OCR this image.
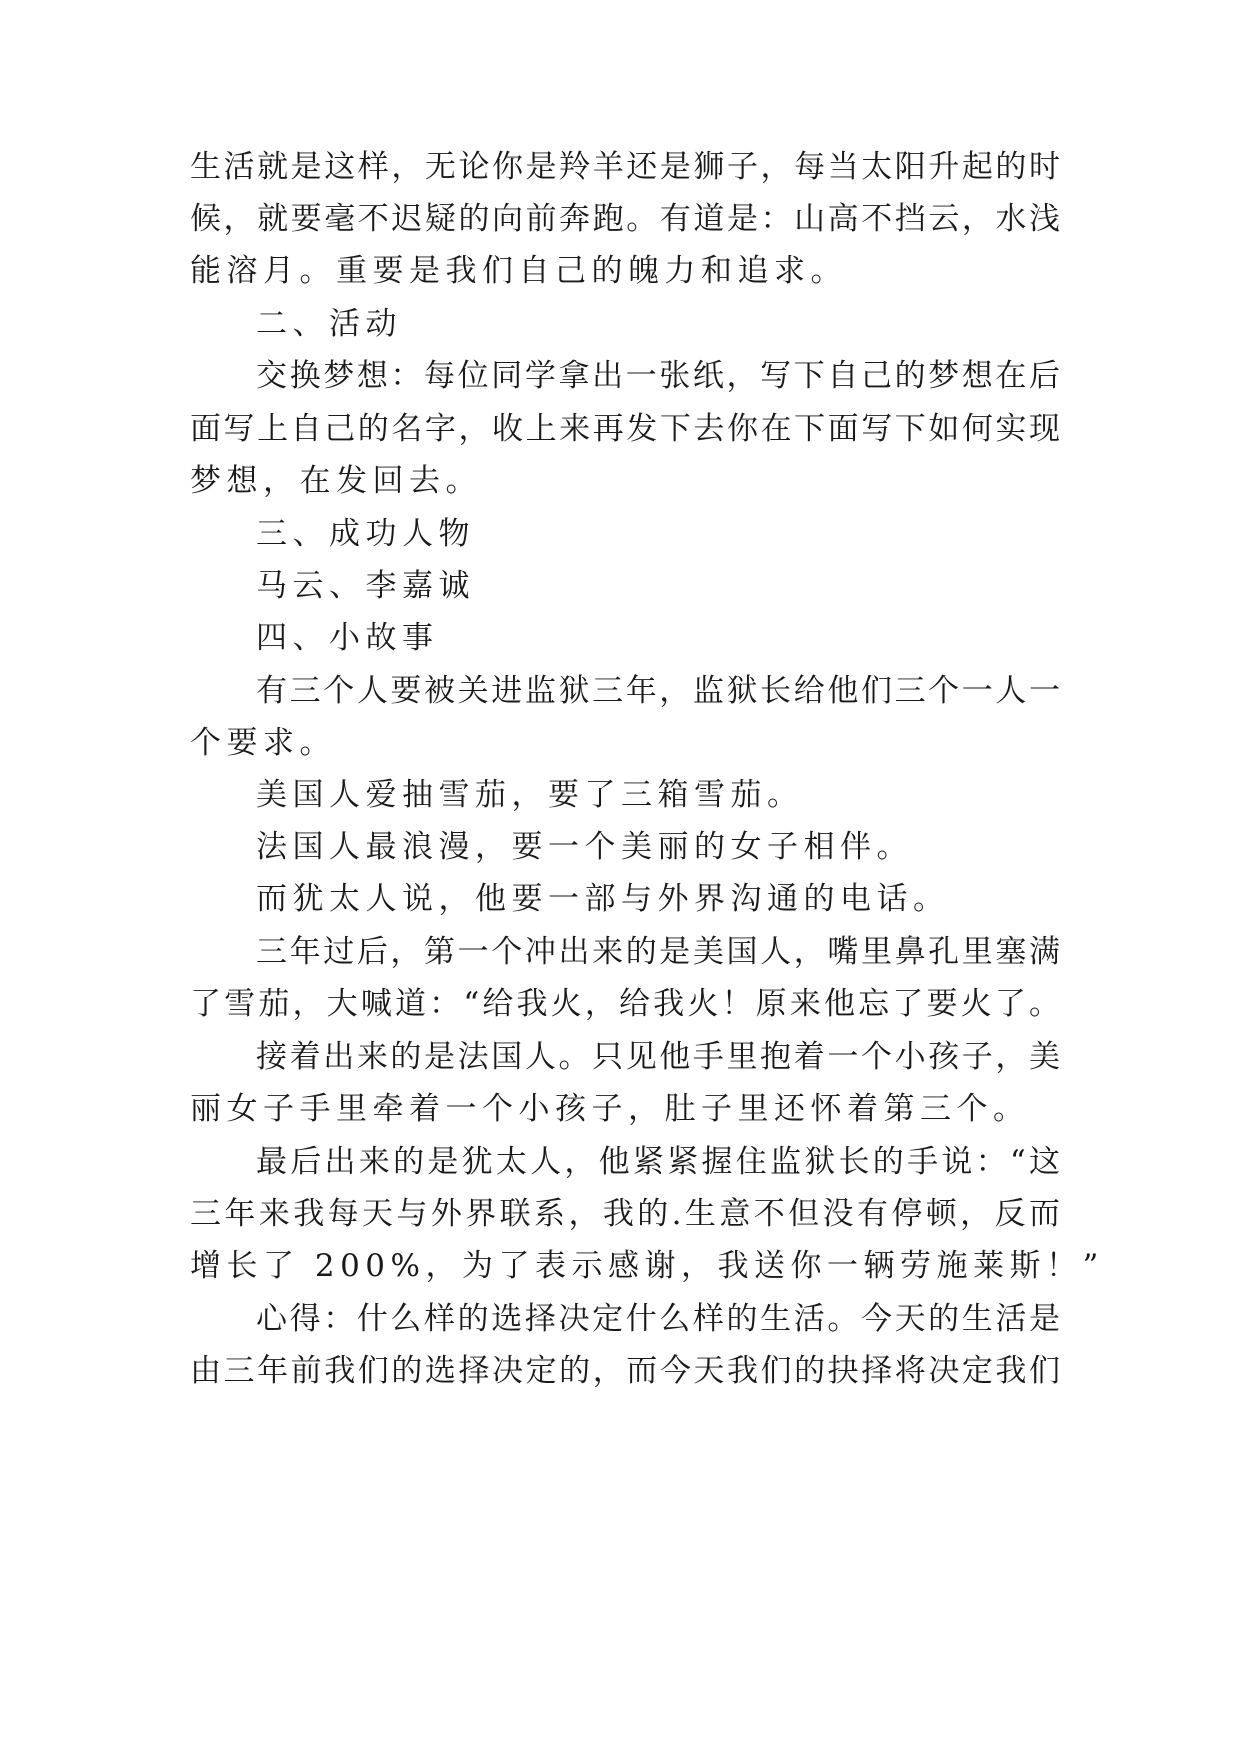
生活就是这样，无论你是羚羊还是狮子，每当太阳升起的时
候，就要毫不迟疑的向前奔跑。有道是：山高不挡云，水浅
能溶月。重要是我们自己的魄力和追求。
二、活动
交换梦想：每位同学拿出一张纸，写下自己的梦想在后
面写上自己的名字，收上来再发下去你在下面写下如何实现
梦想，在发回去。
三、成功人物
马云、李嘉诚
四、小故事
有三个人要被关进监狱三年，监狱长给他们三个一人一
个要求。
美国人爱抽雪茄，要了三箱雪茄。
法国人最浪漫，要一个美丽的女子相伴。
而犹太人说，他要一部与外界沟通的电话。
三年过后，第一个冲出来的是美国人，嘴里鼻孔里塞满
了雪茄，大喊道：“给我火，给我火！原来他忘了要火了。
接着出来的是法国人。只见他手里抱着一个小孩子，美
丽女子手里牵着一个小孩子，肚子里还怀着第三个。
最后出来的是犹太人，他紧紧握住监狱长的手说：“这
三年来我每天与外界联系，我的.生意不但没有停顿，反而
增长了 200%，为了表示感谢，我送你一辆劳施莱斯！”
心得：什么样的选择决定什么样的生活。今天的生活是
由三年前我们的选择决定的，而今天我们的抉择将决定我们
